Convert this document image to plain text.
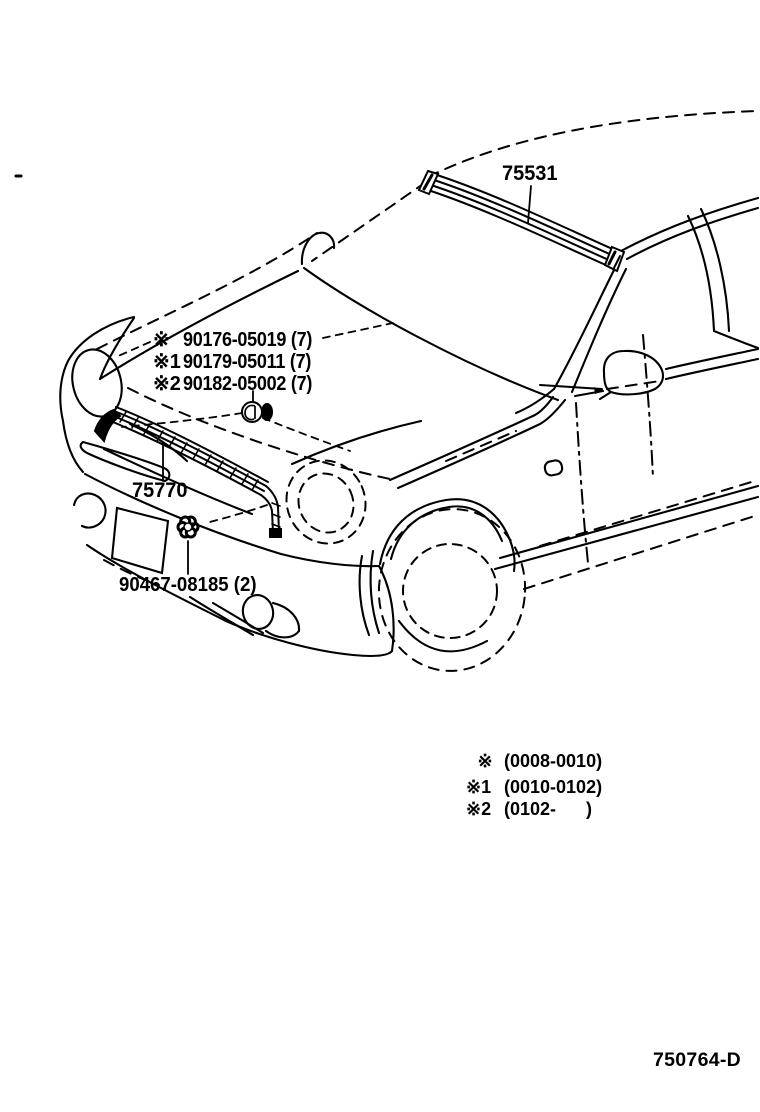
75531
※ 90176-05019 (7)
※1 90179-05011 (7)
※2 90182-05002 (7)
75770
90467-08185 (2)
※ (0008-0010)
※1 (0010-0102)
※2 (0102-      )
750764-D
